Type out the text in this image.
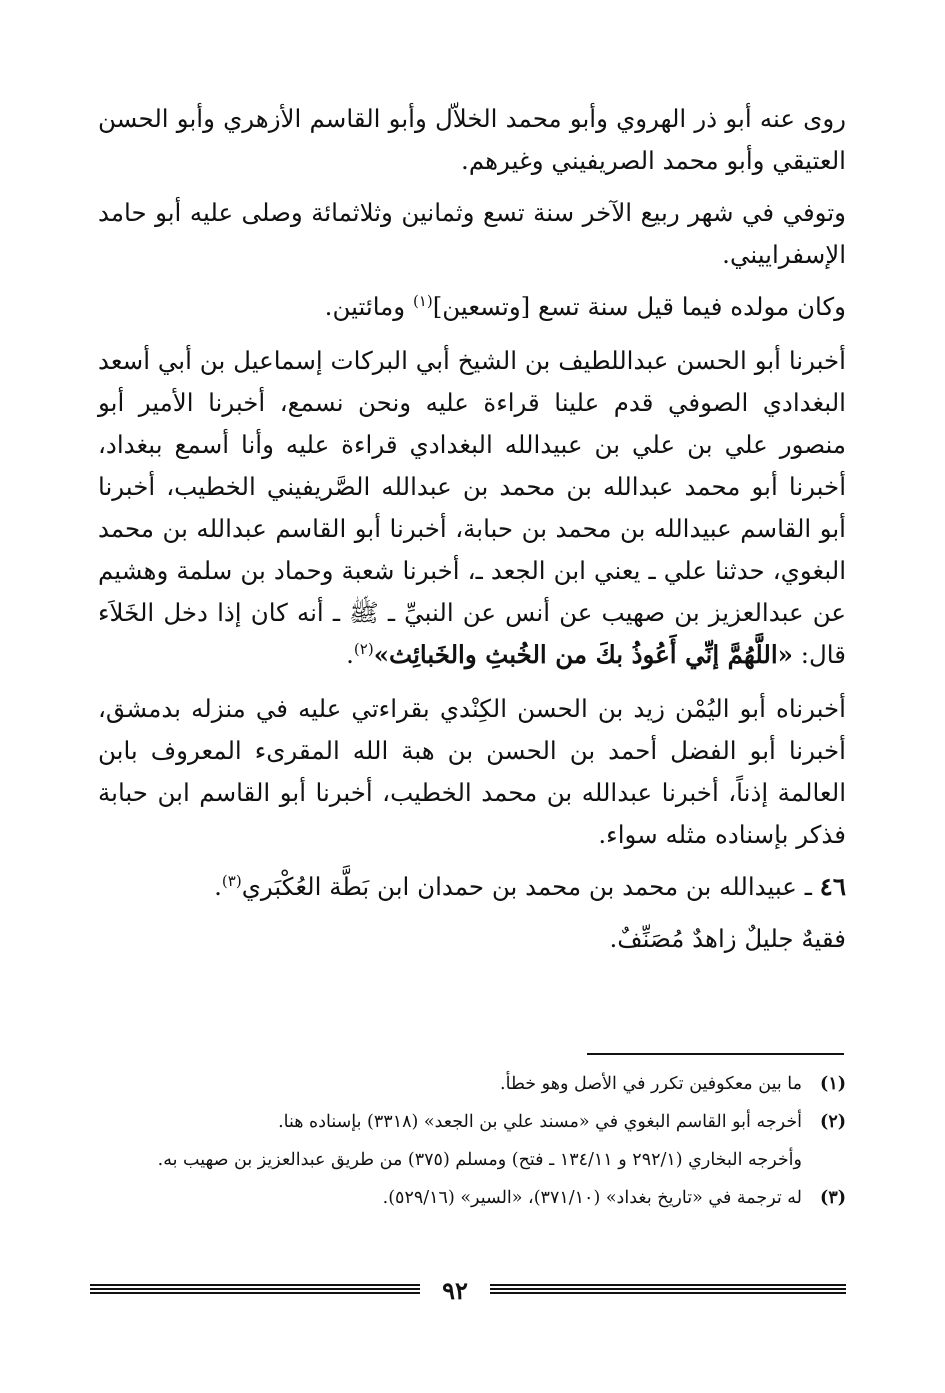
روى عنه أبو ذر الهروي وأبو محمد الخلاّل وأبو القاسم الأزهري وأبو الحسن العتيقي وأبو محمد الصريفيني وغيرهم.

وتوفي في شهر ربيع الآخر سنة تسع وثمانين وثلاثمائة وصلى عليه أبو حامد الإسفراييني.

وكان مولده فيما قيل سنة تسع [وتسعين]$^{(١)}$ ومائتين.

أخبرنا أبو الحسن عبداللطيف بن الشيخ أبي البركات إسماعيل بن أبي أسعد البغدادي الصوفي قدم علينا قراءة عليه ونحن نسمع، أخبرنا الأمير أبو منصور علي بن علي بن عبيدالله البغدادي قراءة عليه وأنا أسمع ببغداد، أخبرنا أبو محمد عبدالله بن محمد بن عبدالله الصَّريفيني الخطيب، أخبرنا أبو القاسم عبيدالله بن محمد بن حبابة، أخبرنا أبو القاسم عبدالله بن محمد البغوي، حدثنا علي ـ يعني ابن الجعد ـ، أخبرنا شعبة وحماد بن سلمة وهشيم عن عبدالعزيز بن صهيب عن أنس عن النبيِّ ـ ﷺ ـ أنه كان إذا دخل الخَلاَء قال: «اللَّهُمَّ إنِّي أَعُوذُ بكَ من الخُبثِ والخَبائِث»$^{(٢)}$.

أخبرناه أبو اليُمْن زيد بن الحسن الكِنْدي بقراءتي عليه في منزله بدمشق، أخبرنا أبو الفضل أحمد بن الحسن بن هبة الله المقرىء المعروف بابن العالمة إذناً، أخبرنا عبدالله بن محمد الخطيب، أخبرنا أبو القاسم ابن حبابة فذكر بإسناده مثله سواء.

٤٦ ـ عبيدالله بن محمد بن محمد بن حمدان ابن بَطَّة العُكْبَري$^{(٣)}$.

فقيهٌ جليلٌ زاهدٌ مُصَنِّفٌ.

(١)
ما بين معكوفين تكرر في الأصل وهو خطأ.
(٢)
أخرجه أبو القاسم البغوي في «مسند علي بن الجعد» (٣٣١٨) بإسناده هنا.
وأخرجه البخاري (٢٩٢/١ و ١٣٤/١١ ـ فتح) ومسلم (٣٧٥) من طريق عبدالعزيز بن صهيب به.
(٣)
له ترجمة في «تاريخ بغداد» (٣٧١/١٠)، «السير» (٥٢٩/١٦).
٩٢
